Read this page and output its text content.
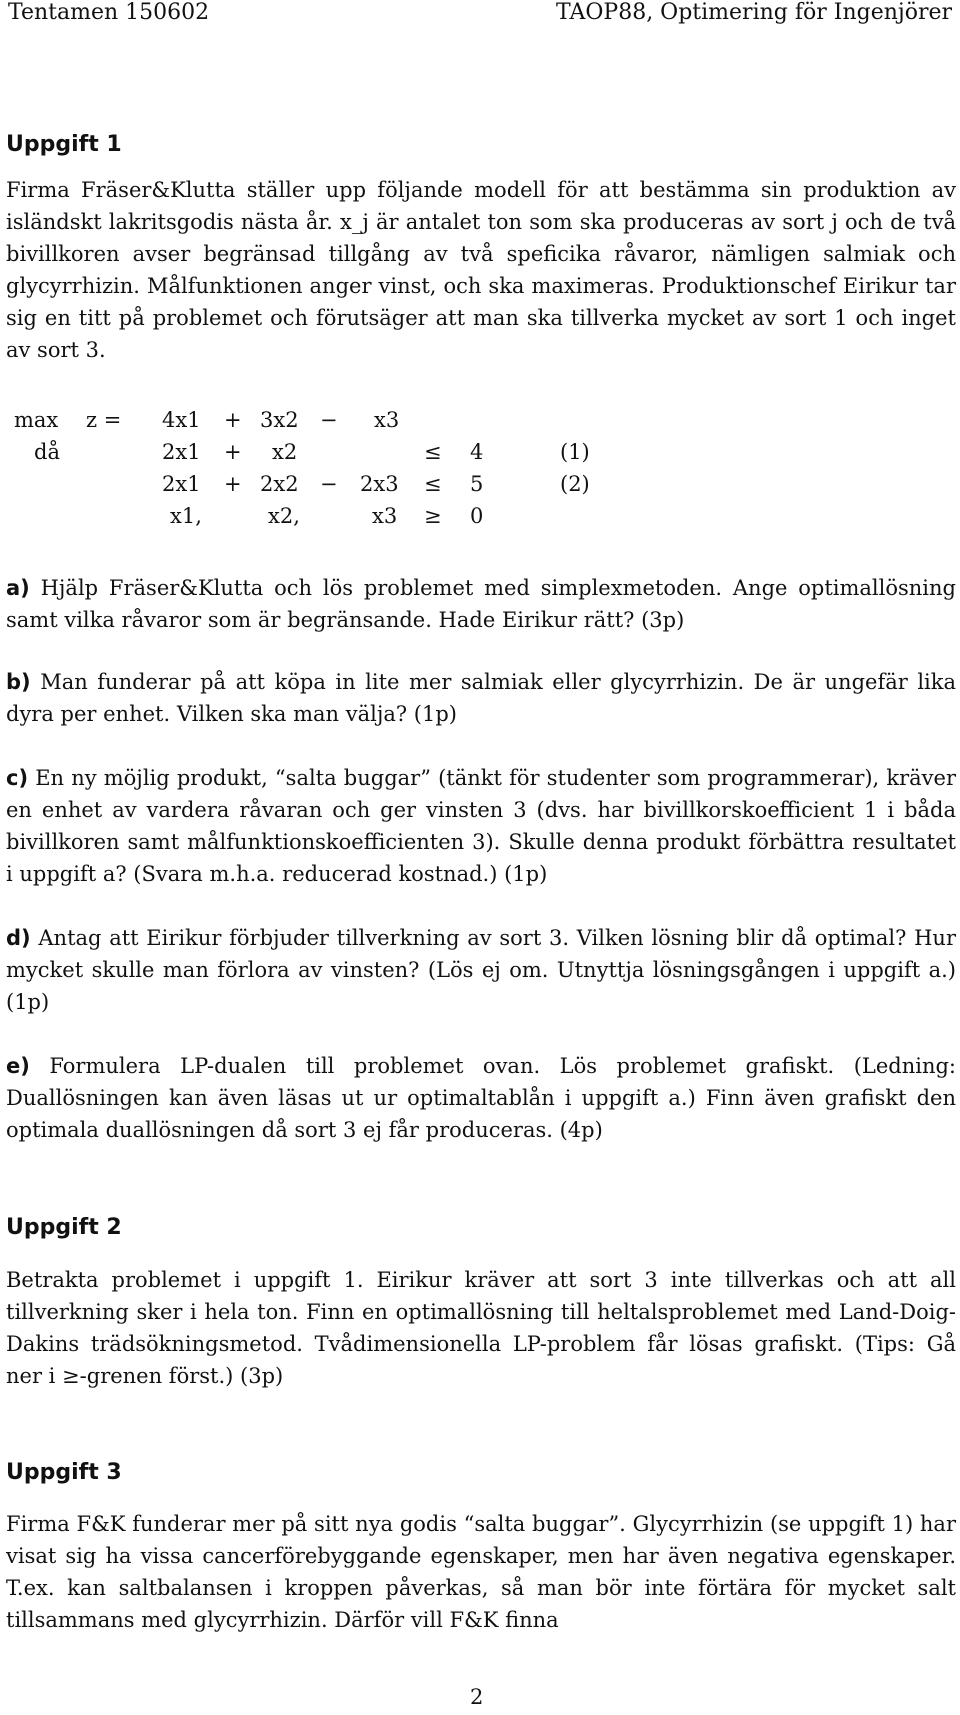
Tentamen 150602	TAOP88, Optimering för Ingenjörer
Uppgift 1
Firma Fräser&Klutta ställer upp följande modell för att bestämma sin produktion av isländskt lakritsgodis nästa år. x_j är antalet ton som ska produceras av sort j och de två bivillkoren avser begränsad tillgång av två speficika råvaror, nämligen salmiak och glycyrrhizin. Målfunktionen anger vinst, och ska maximeras. Produktionschef Eirikur tar sig en titt på problemet och förutsäger att man ska tillverka mycket av sort 1 och inget av sort 3.
max z = 4x1 + 3x2 − x3
då	2x1 + x2	≤ 4	(1)
2x1 + 2x2 − 2x3 ≤ 5	(2)
x1,	x2,	x3 ≥ 0
a) Hjälp Fräser&Klutta och lös problemet med simplexmetoden. Ange optimallösning samt vilka råvaror som är begränsande. Hade Eirikur rätt? (3p)
b) Man funderar på att köpa in lite mer salmiak eller glycyrrhizin. De är ungefär lika dyra per enhet. Vilken ska man välja? (1p)
c) En ny möjlig produkt, “salta buggar” (tänkt för studenter som programmerar), kräver en enhet av vardera råvaran och ger vinsten 3 (dvs. har bivillkorskoefficient 1 i båda bivillkoren samt målfunktionskoefficienten 3). Skulle denna produkt förbättra resultatet i uppgift a? (Svara m.h.a. reducerad kostnad.) (1p)
d) Antag att Eirikur förbjuder tillverkning av sort 3. Vilken lösning blir då optimal? Hur mycket skulle man förlora av vinsten? (Lös ej om. Utnyttja lösningsgången i uppgift a.) (1p)
e) Formulera LP-dualen till problemet ovan. Lös problemet grafiskt. (Ledning: Duallösningen kan även läsas ut ur optimaltablån i uppgift a.) Finn även grafiskt den optimala duallösningen då sort 3 ej får produceras. (4p)
Uppgift 2
Betrakta problemet i uppgift 1. Eirikur kräver att sort 3 inte tillverkas och att all tillverkning sker i hela ton. Finn en optimallösning till heltalsproblemet med Land-Doig-Dakins trädsökningsmetod. Tvådimensionella LP-problem får lösas grafiskt. (Tips: Gå ner i ≥-grenen först.) (3p)
Uppgift 3
Firma F&K funderar mer på sitt nya godis “salta buggar”. Glycyrrhizin (se uppgift 1) har visat sig ha vissa cancerförebyggande egenskaper, men har även negativa egenskaper. T.ex. kan saltbalansen i kroppen påverkas, så man bör inte förtära för mycket salt tillsammans med glycyrrhizin. Därför vill F&K finna
2
